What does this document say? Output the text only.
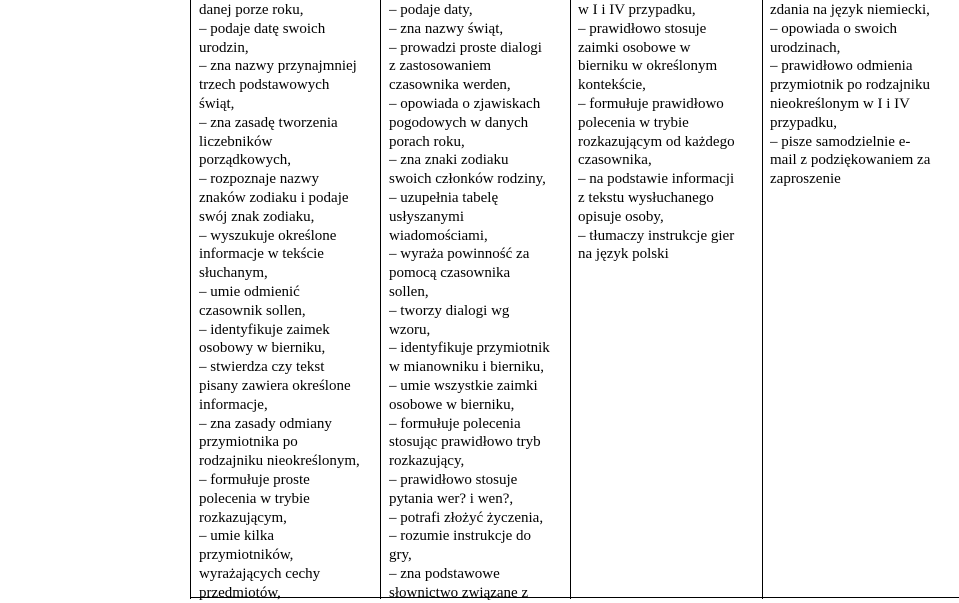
danej porze roku,
– podaje datę swoich
urodzin,
– zna nazwy przynajmniej
trzech podstawowych
świąt,
– zna zasadę tworzenia
liczebników
porządkowych,
– rozpoznaje nazwy
znaków zodiaku i podaje
swój znak zodiaku,
– wyszukuje określone
informacje w tekście
słuchanym,
– umie odmienić
czasownik sollen,
– identyfikuje zaimek
osobowy w bierniku,
– stwierdza czy tekst
pisany zawiera określone
informacje,
– zna zasady odmiany
przymiotnika po
rodzajniku nieokreślonym,
– formułuje proste
polecenia w trybie
rozkazującym,
– umie kilka
przymiotników,
wyrażających cechy
przedmiotów,
– podaje daty,
– zna nazwy świąt,
– prowadzi proste dialogi
z zastosowaniem
czasownika werden,
– opowiada o zjawiskach
pogodowych w danych
porach roku,
– zna znaki zodiaku
swoich członków rodziny,
– uzupełnia tabelę
usłyszanymi
wiadomościami,
– wyraża powinność za
pomocą czasownika
sollen,
– tworzy dialogi wg
wzoru,
– identyfikuje przymiotnik
w mianowniku i bierniku,
– umie wszystkie zaimki
osobowe w bierniku,
– formułuje polecenia
stosując prawidłowo tryb
rozkazujący,
– prawidłowo stosuje
pytania wer? i wen?,
– potrafi złożyć życzenia,
– rozumie instrukcje do
gry,
– zna podstawowe
słownictwo związane z
w I i IV przypadku,
– prawidłowo stosuje
zaimki osobowe w
bierniku w określonym
kontekście,
– formułuje prawidłowo
polecenia w trybie
rozkazującym od każdego
czasownika,
– na podstawie informacji
z tekstu wysłuchanego
opisuje osoby,
– tłumaczy instrukcje gier
na język polski
zdania na język niemiecki,
– opowiada o swoich
urodzinach,
– prawidłowo odmienia
przymiotnik po rodzajniku
nieokreślonym w I i IV
przypadku,
– pisze samodzielnie e-
mail z podziękowaniem za
zaproszenie
